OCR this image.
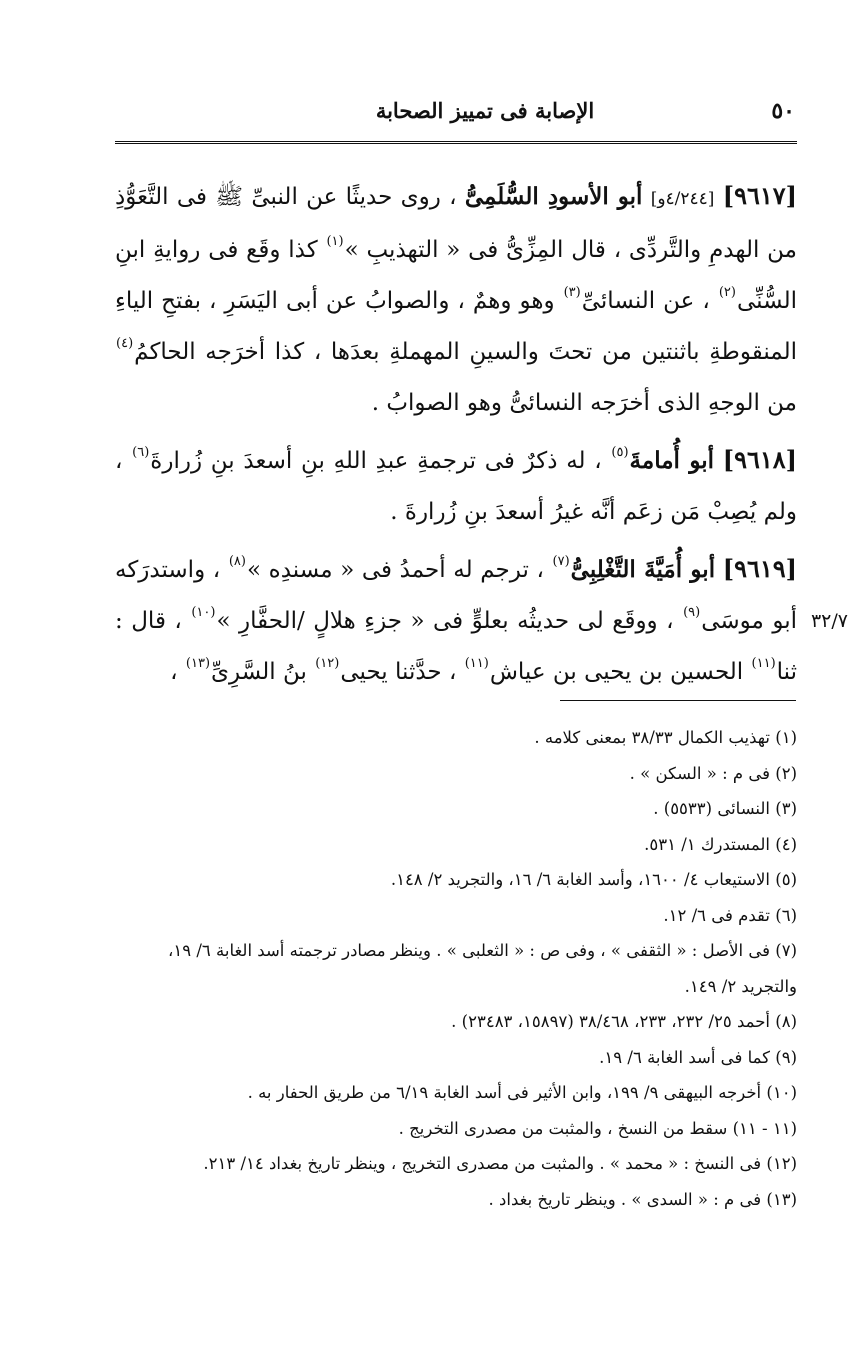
٥٠
الإصابة فى تمييز الصحابة

[٩٦١٧] [٤/٢٤٤و] أبو الأسودِ السُّلَمِىُّ ، روى حديثًا عن النبىِّ ﷺ فى التَّعَوُّذِ من الهدمِ والتَّردِّى ، قال المِزِّىُّ فى « التهذيبِ »$^{(١)}$ كذا وقَع فى روايةِ ابنِ السُّنِّى$^{(٢)}$ ، عن النسائىِّ$^{(٣)}$ وهو وهمٌ ، والصوابُ عن أبى اليَسَرِ ، بفتحِ الياءِ المنقوطةِ باثنتين من تحتَ والسينِ المهملةِ بعدَها ، كذا أخرَجه الحاكمُ$^{(٤)}$ من الوجهِ الذى أخرَجه النسائىُّ وهو الصوابُ .

[٩٦١٨] أبو أُمامةَ$^{(٥)}$ ، له ذكرٌ فى ترجمةِ عبدِ اللهِ بنِ أسعدَ بنِ زُرارةَ$^{(٦)}$ ، ولم يُصِبْ مَن زعَم أنَّه غيرُ أسعدَ بنِ زُرارةَ .

[٩٦١٩] أبو أُمَيَّةَ التَّغْلِبِىُّ$^{(٧)}$ ، ترجم له أحمدُ فى « مسندِه »$^{(٨)}$ ، واستدرَكه أبو موسَى$^{(٩)}$ ، ووقَع لى حديثُه بعلوٍّ فى « جزءِ هلالٍ /الحفَّارِ »$^{(١٠)}$ ، قال : ثنا$^{(١١)}$ الحسين بن يحيى بن عياش$^{(١١)}$ ، حدَّثنا يحيى$^{(١٢)}$ بنُ السَّرِىِّ$^{(١٣)}$ ،

٣٢/٧

(١) تهذيب الكمال ٣٨/٣٣ بمعنى كلامه .

(٢) فى م : « السكن » .

(٣) النسائى (٥٥٣٣) .

(٤) المستدرك ١/ ٥٣١.

(٥) الاستيعاب ٤/ ١٦٠٠، وأسد الغابة ٦/ ١٦، والتجريد ٢/ ١٤٨.

(٦) تقدم فى ٦/ ١٢.

(٧) فى الأصل : « الثقفى » ، وفى ص : « الثعلبى » . وينظر مصادر ترجمته أسد الغابة ٦/ ١٩، والتجريد ٢/ ١٤٩.

(٨) أحمد ٢٥/ ٢٣٢، ٢٣٣، ٣٨/٤٦٨ (١٥٨٩٧، ٢٣٤٨٣) .

(٩) كما فى أسد الغابة ٦/ ١٩.

(١٠) أخرجه البيهقى ٩/ ١٩٩، وابن الأثير فى أسد الغابة ٦/١٩ من طريق الحفار به .

(١١ - ١١) سقط من النسخ ، والمثبت من مصدرى التخريج .

(١٢) فى النسخ : « محمد » . والمثبت من مصدرى التخريج ، وينظر تاريخ بغداد ١٤/ ٢١٣.

(١٣) فى م : « السدى » . وينظر تاريخ بغداد .
